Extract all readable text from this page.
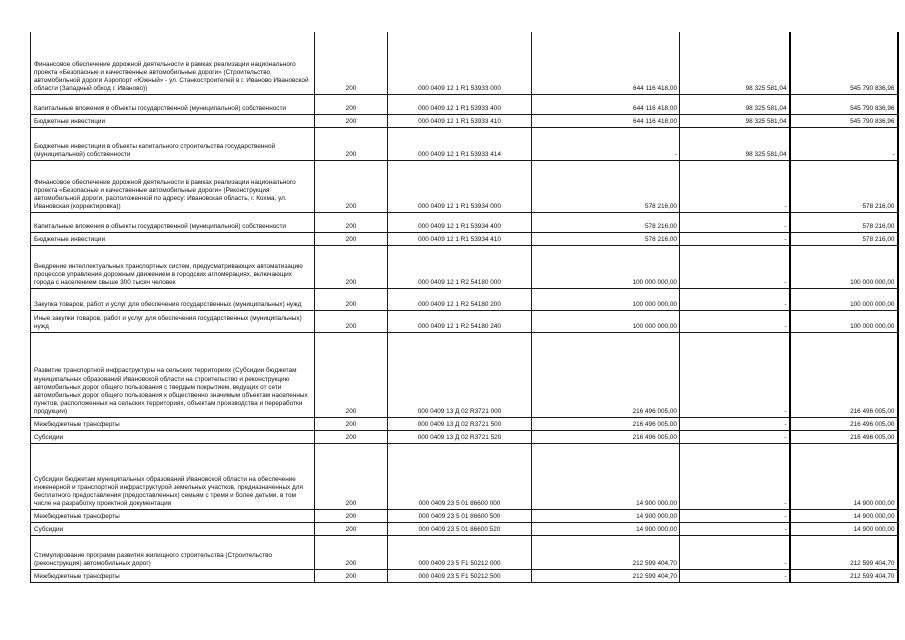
Финансовое обеспечение дорожной деятельности в рамках реализации национального проекта «Безопасные и качественные автомобильные дороги» (Строительство автомобильной дороги Аэропорт «Южный» - ул. Станкостроителей в г. Иваново Ивановской области (Западный обход г. Иваново))	200	000 0409 12 1 R1 53933 000	644 116 418,00	98 325 581,04	545 790 836,96
Капитальные вложения в объекты государственной (муниципальной) собственности	200	000 0409 12 1 R1 53933 400	644 116 418,00	98 325 581,04	545 790 836,96
Бюджетные инвестиции	200	000 0409 12 1 R1 53933 410	644 116 418,00	98 325 581,04	545 790 836,96
Бюджетные инвестиции в объекты капитального строительства государственной (муниципальной) собственности	200	000 0409 12 1 R1 53933 414	-	98 325 581,04	-
Финансовое обеспечение дорожной деятельности в рамках реализации национального проекта «Безопасные и качественные автомобильные дороги» (Реконструкция автомобильной дороги, расположенной по адресу: Ивановская область, г. Кохма, ул. Ивановская (корректировка))	200	000 0409 12 1 R1 53934 000	578 216,00	-	578 216,00
Капитальные вложения в объекты государственной (муниципальной) собственности	200	000 0409 12 1 R1 53934 400	578 216,00	-	578 216,00
Бюджетные инвестиции	200	000 0409 12 1 R1 53934 410	578 216,00	-	578 216,00
Внедрение интеллектуальных транспортных систем, предусматривающих автоматизацию процессов управления дорожным движением в городских агломерациях, включающих города с населением свыше 300 тысяч человек	200	000 0409 12 1 R2 54180 000	100 000 000,00	-	100 000 000,00
Закупка товаров, работ и услуг для обеспечения государственных (муниципальных) нужд	200	000 0409 12 1 R2 54180 200	100 000 000,00	-	100 000 000,00
Иные закупки товаров, работ и услуг для обеспечения государственных (муниципальных) нужд	200	000 0409 12 1 R2 54180 240	100 000 000,00	-	100 000 000,00
Развитие транспортной инфраструктуры на сельских территориях (Субсидии бюджетам муниципальных образований Ивановской области на строительство и реконструкцию автомобильных дорог общего пользования с твердым покрытием, ведущих от сети автомобильных дорог общего пользования к общественно значимым объектам населенных пунктов, расположенных на сельских территориях, объектам производства и переработки продукции)	200	000 0409 13 Д 02 R3721 000	216 496 005,00	-	216 496 005,00
Межбюджетные трансферты	200	000 0409 13 Д 02 R3721 500	216 496 005,00	-	216 496 005,00
Субсидии	200	000 0409 13 Д 02 R3721 520	216 496 005,00	-	216 496 005,00
Субсидии бюджетам муниципальных образований Ивановской области на обеспечение инженерной и транспортной инфраструктурой земельных участков, предназначенных для бесплатного предоставления (предоставленных) семьям с тремя и более детьми, в том числе на разработку проектной документации	200	000 0409 23 5 01 86600 000	14 900 000,00	-	14 900 000,00
Межбюджетные трансферты	200	000 0409 23 5 01 86600 500	14 900 000,00	-	14 900 000,00
Субсидии	200	000 0409 23 5 01 86600 520	14 900 000,00	-	14 900 000,00
Стимулирование программ развития жилищного строительства (Строительство (реконструкция) автомобильных дорог)	200	000 0409 23 5 F1 50212 000	212 599 404,70	-	212 599 404,70
Межбюджетные трансферты	200	000 0409 23 5 F1 50212 500	212 599 404,70	-	212 599 404,70
